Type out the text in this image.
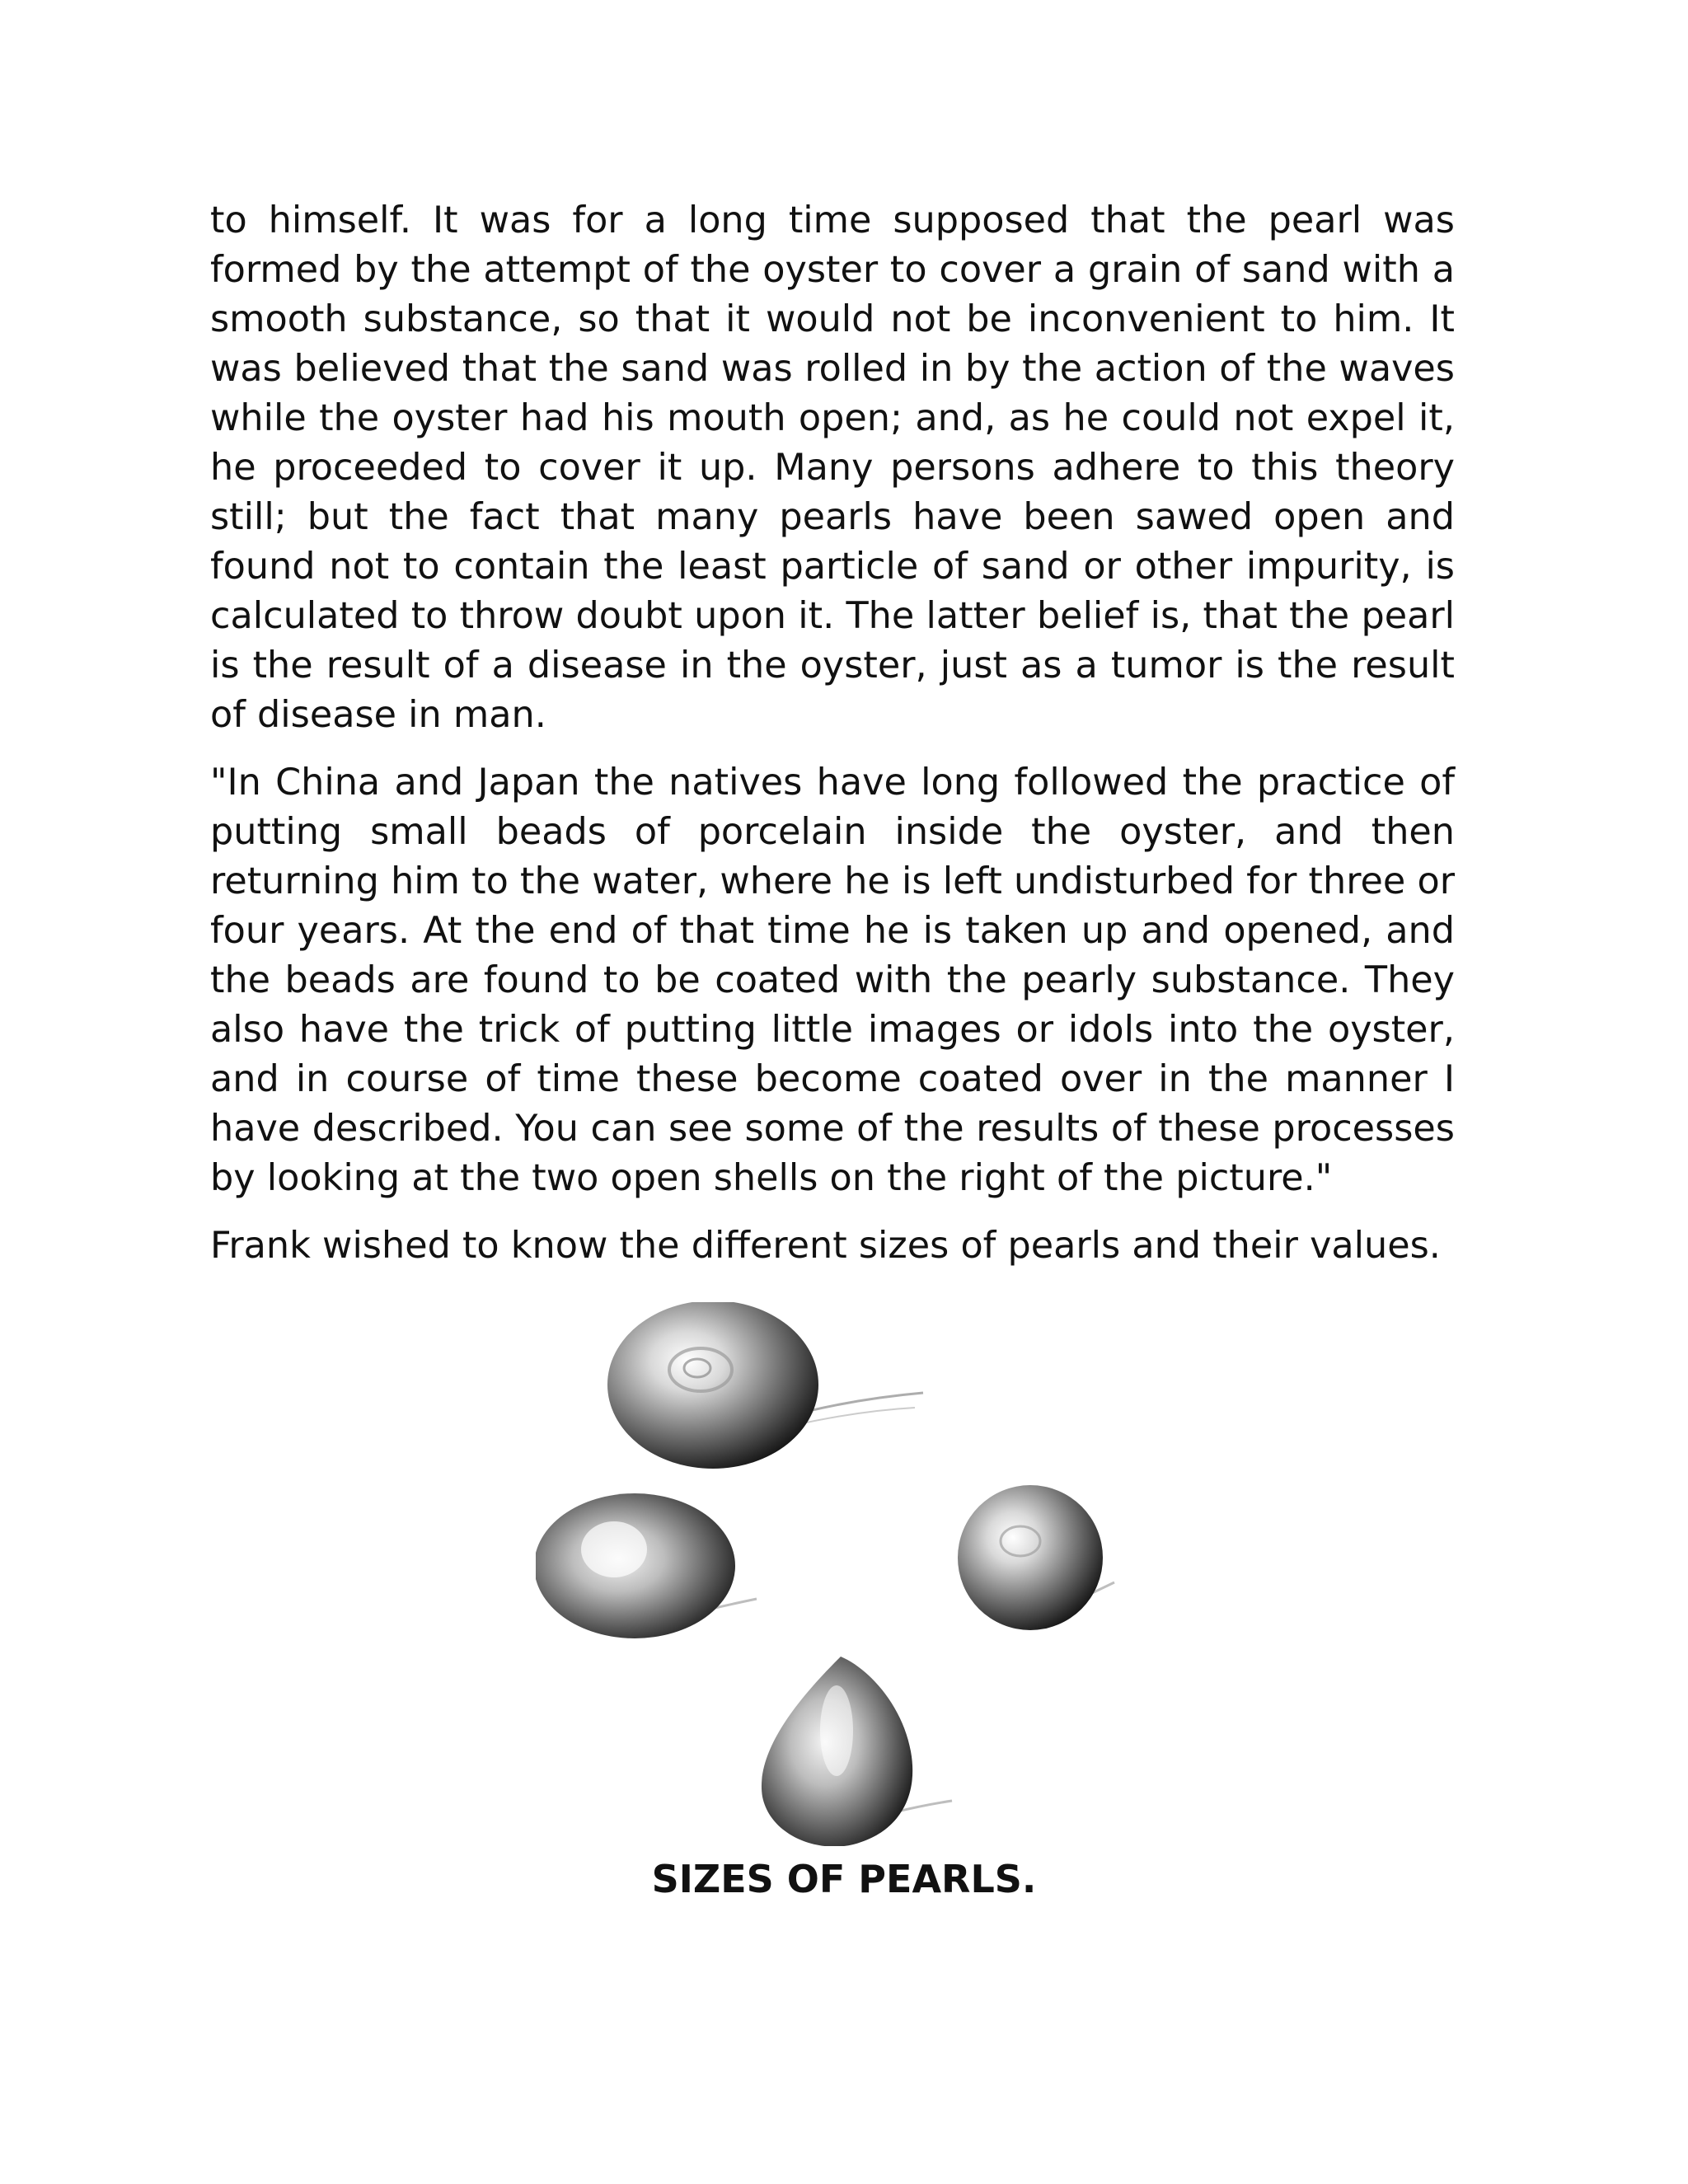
to himself. It was for a long time supposed that the pearl was formed by the attempt of the oyster to cover a grain of sand with a smooth substance, so that it would not be inconvenient to him. It was believed that the sand was rolled in by the action of the waves while the oyster had his mouth open; and, as he could not expel it, he proceeded to cover it up. Many persons adhere to this theory still; but the fact that many pearls have been sawed open and found not to contain the least particle of sand or other impurity, is calculated to throw doubt upon it. The latter belief is, that the pearl is the result of a disease in the oyster, just as a tumor is the result of disease in man.

"In China and Japan the natives have long followed the practice of putting small beads of porcelain inside the oyster, and then returning him to the water, where he is left undisturbed for three or four years. At the end of that time he is taken up and opened, and the beads are found to be coated with the pearly substance. They also have the trick of putting little images or idols into the oyster, and in course of time these become coated over in the manner I have described. You can see some of the results of these processes by looking at the two open shells on the right of the picture."

Frank wished to know the different sizes of pearls and their values.

SIZES OF PEARLS.
